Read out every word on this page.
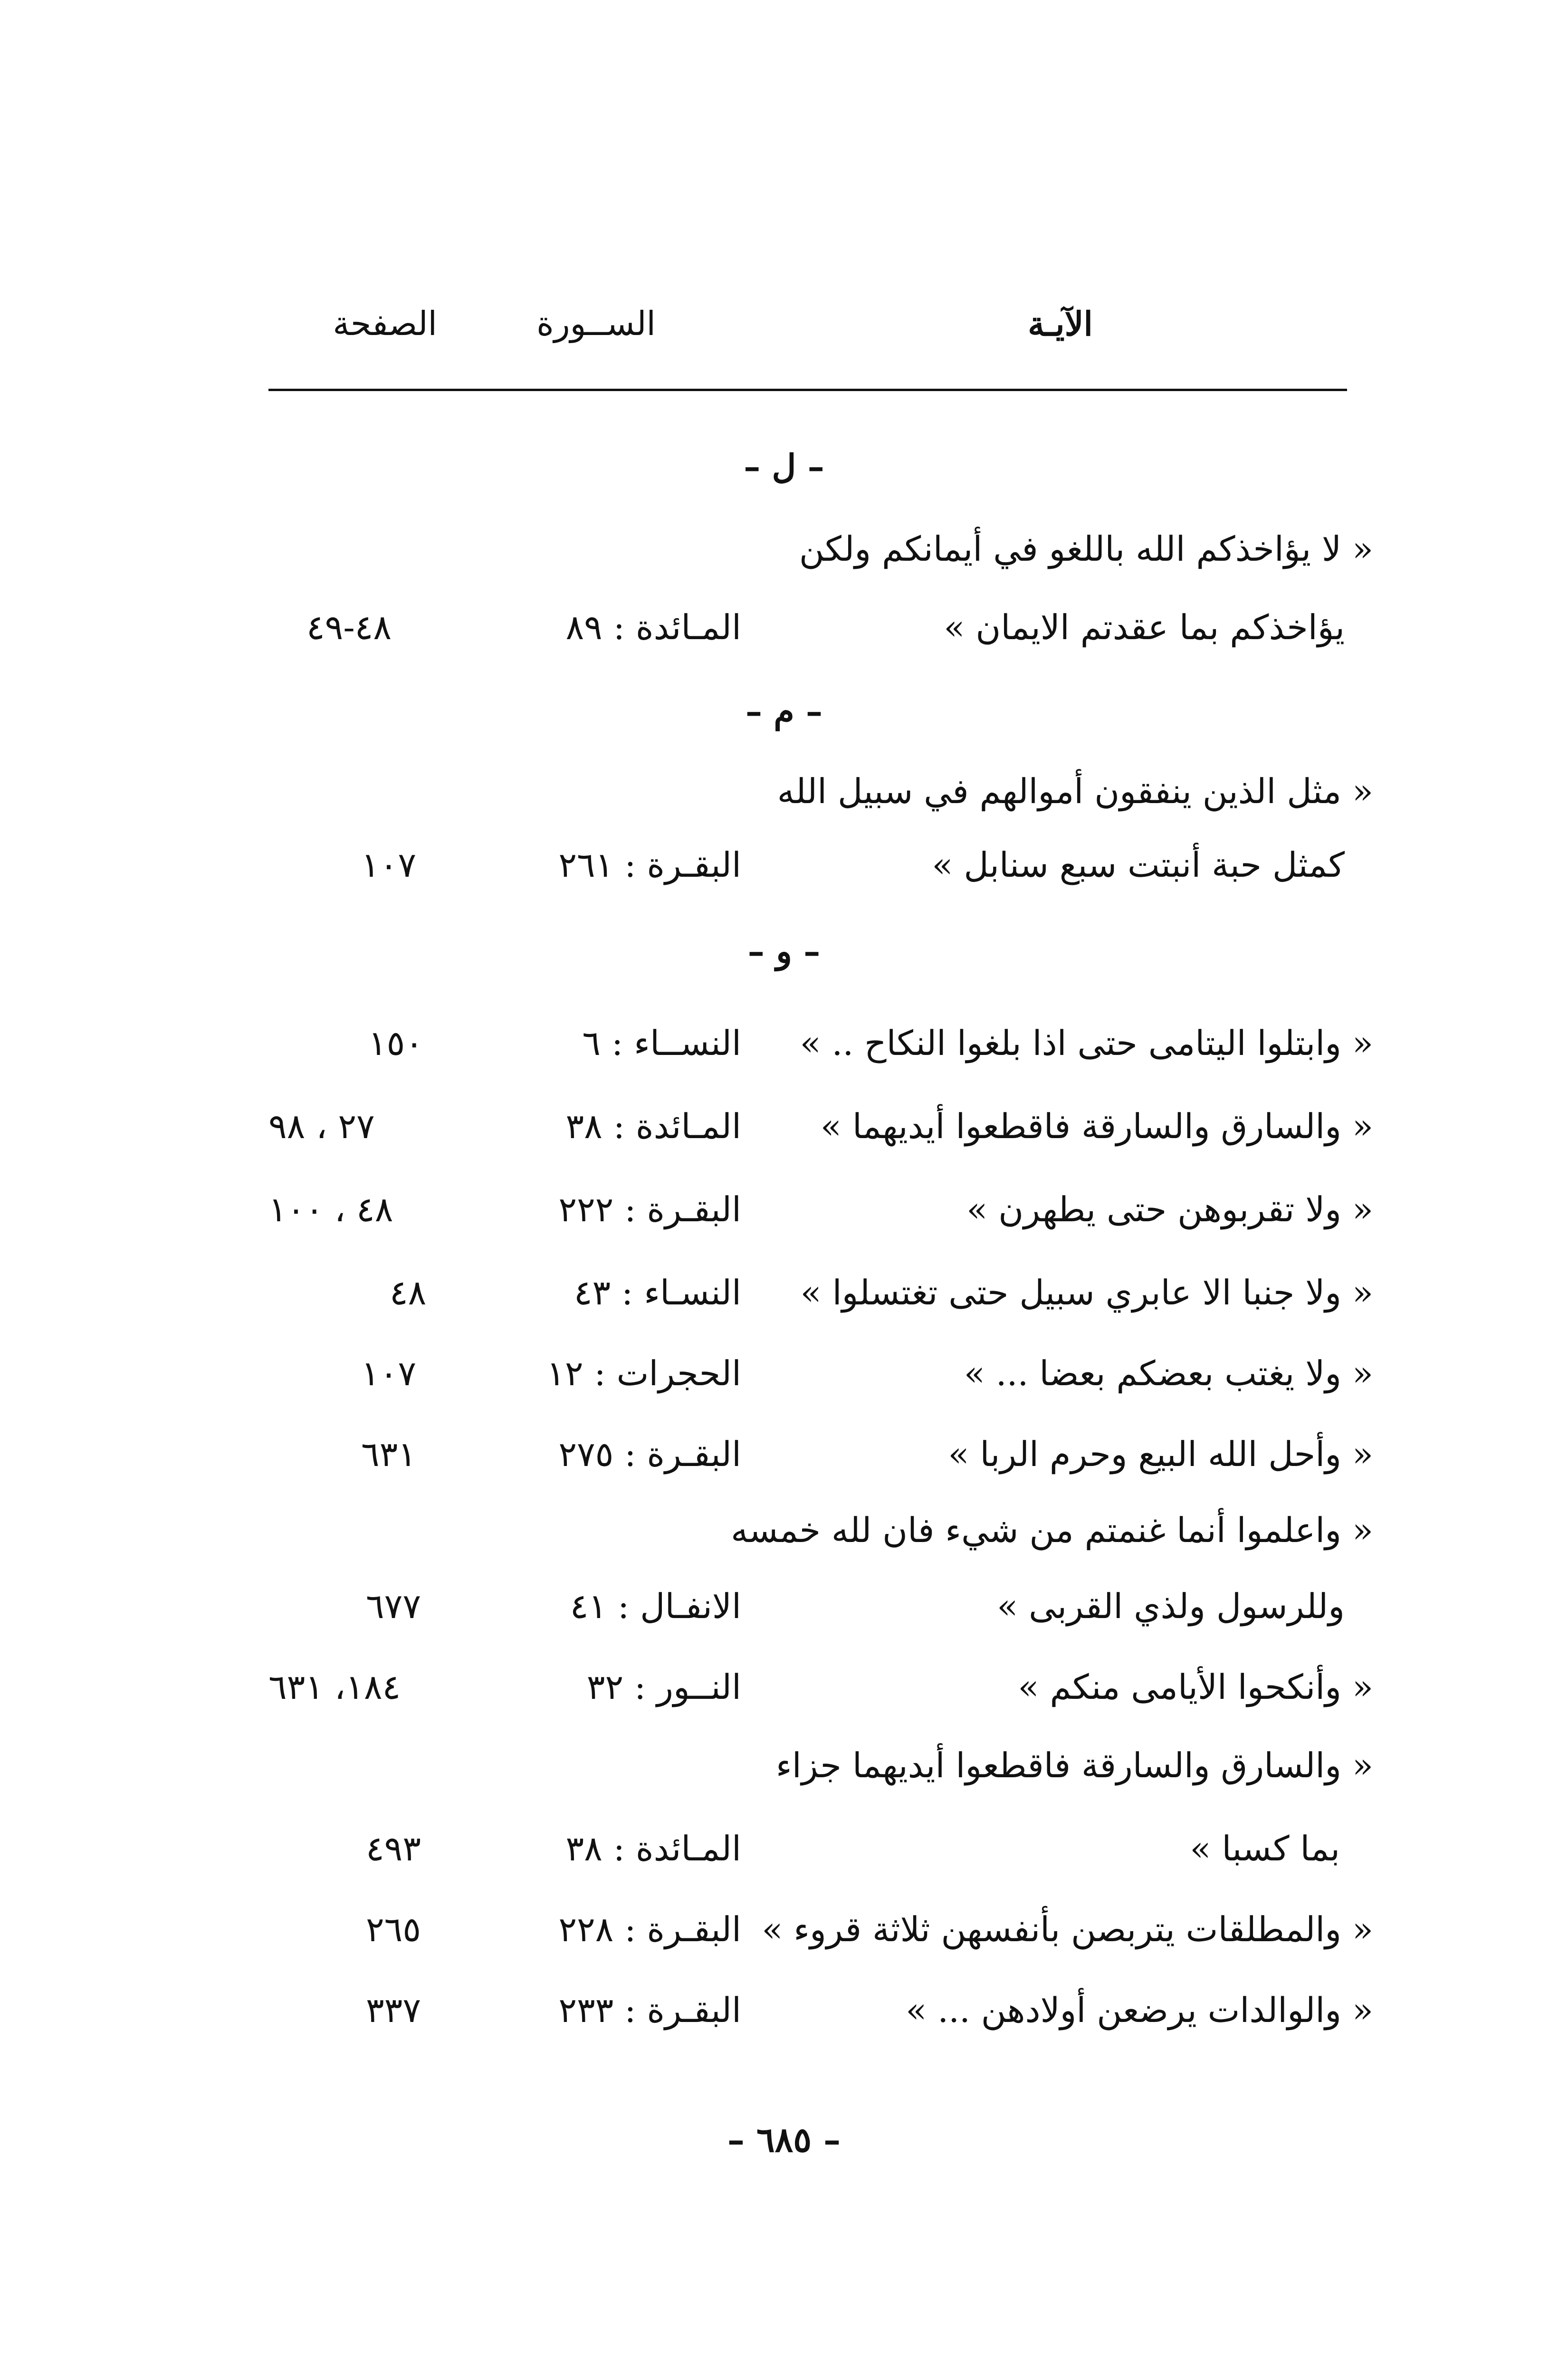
الآيـة
الســورة
الصفحة
– ل –
« لا يؤاخذكم الله باللغو في أيمانكم ولكن
يؤاخذكم بما عقدتم الايمان »
المـائدة : ٨٩
٤٨-٤٩
– م –
« مثل الذين ينفقون أموالهم في سبيل الله
كمثل حبة أنبتت سبع سنابل »
البقـرة : ٢٦١
١٠٧
– و –
« وابتلوا اليتامى حتى اذا بلغوا النكاح .. »
النســاء : ٦
١٥٠
« والسارق والسارقة فاقطعوا أيديهما »
المـائدة : ٣٨
٢٧ ، ٩٨
« ولا تقربوهن حتى يطهرن »
البقـرة : ٢٢٢
٤٨ ، ١٠٠
« ولا جنبا الا عابري سبيل حتى تغتسلوا »
النسـاء : ٤٣
٤٨
« ولا يغتب بعضكم بعضا ... »
الحجرات : ١٢
١٠٧
« وأحل الله البيع وحرم الربا »
البقـرة : ٢٧٥
٦٣١
« واعلموا أنما غنمتم من شيء فان لله خمسه
وللرسول ولذي القربى »
الانفـال : ٤١
٦٧٧
« وأنكحوا الأيامى منكم »
النــور : ٣٢
١٨٤، ٦٣١
« والسارق والسارقة فاقطعوا أيديهما جزاء
بما كسبا »
المـائدة : ٣٨
٤٩٣
« والمطلقات يتربصن بأنفسهن ثلاثة قروء »
البقـرة : ٢٢٨
٢٦٥
« والوالدات يرضعن أولادهن ... »
البقـرة : ٢٣٣
٣٣٧
– ٦٨٥ –
